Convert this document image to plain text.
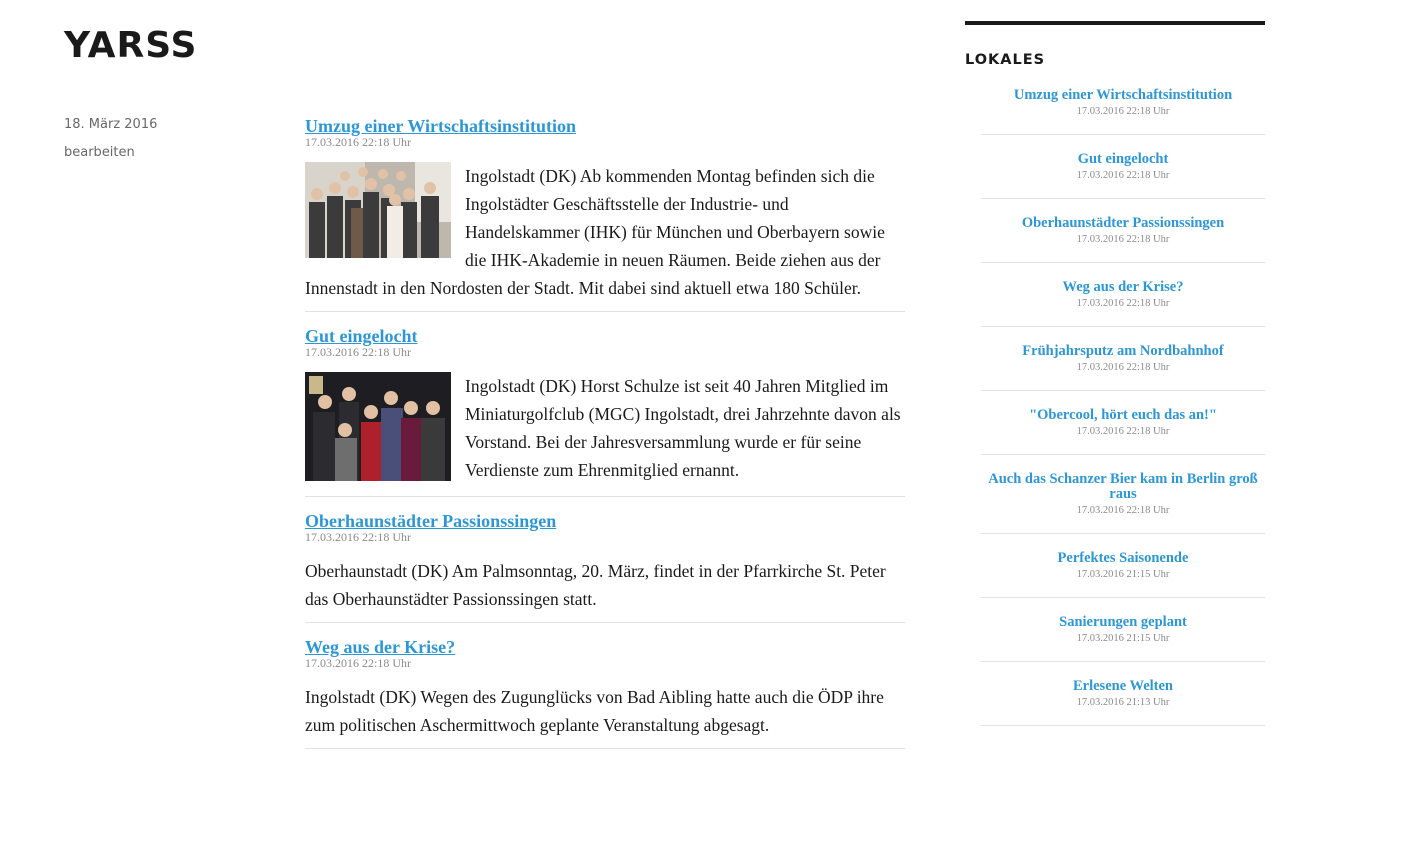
YARSS
18. März 2016
bearbeiten
Umzug einer Wirtschaftsinstitution
17.03.2016 22:18 Uhr
Ingolstadt (DK) Ab kommenden Montag befinden sich die Ingolstädter Geschäftsstelle der Industrie- und Handelskammer (IHK) für München und Oberbayern sowie die IHK-Akademie in neuen Räumen. Beide ziehen aus der Innenstadt in den Nordosten der Stadt. Mit dabei sind aktuell etwa 180 Schüler.
Gut eingelocht
17.03.2016 22:18 Uhr
Ingolstadt (DK) Horst Schulze ist seit 40 Jahren Mitglied im Miniaturgolfclub (MGC) Ingolstadt, drei Jahrzehnte davon als Vorstand. Bei der Jahresversammlung wurde er für seine Verdienste zum Ehrenmitglied ernannt.
Oberhaunstädter Passionssingen
17.03.2016 22:18 Uhr
Oberhaunstadt (DK) Am Palmsonntag, 20. März, findet in der Pfarrkirche St. Peter das Oberhaunstädter Passionssingen statt.
Weg aus der Krise?
17.03.2016 22:18 Uhr
Ingolstadt (DK) Wegen des Zugunglücks von Bad Aibling hatte auch die ÖDP ihre zum politischen Aschermittwoch geplante Veranstaltung abgesagt.
LOKALES
Umzug einer Wirtschaftsinstitution
17.03.2016 22:18 Uhr
Gut eingelocht
17.03.2016 22:18 Uhr
Oberhaunstädter Passionssingen
17.03.2016 22:18 Uhr
Weg aus der Krise?
17.03.2016 22:18 Uhr
Frühjahrsputz am Nordbahnhof
17.03.2016 22:18 Uhr
"Obercool, hört euch das an!"
17.03.2016 22:18 Uhr
Auch das Schanzer Bier kam in Berlin groß raus
17.03.2016 22:18 Uhr
Perfektes Saisonende
17.03.2016 21:15 Uhr
Sanierungen geplant
17.03.2016 21:15 Uhr
Erlesene Welten
17.03.2016 21:13 Uhr
